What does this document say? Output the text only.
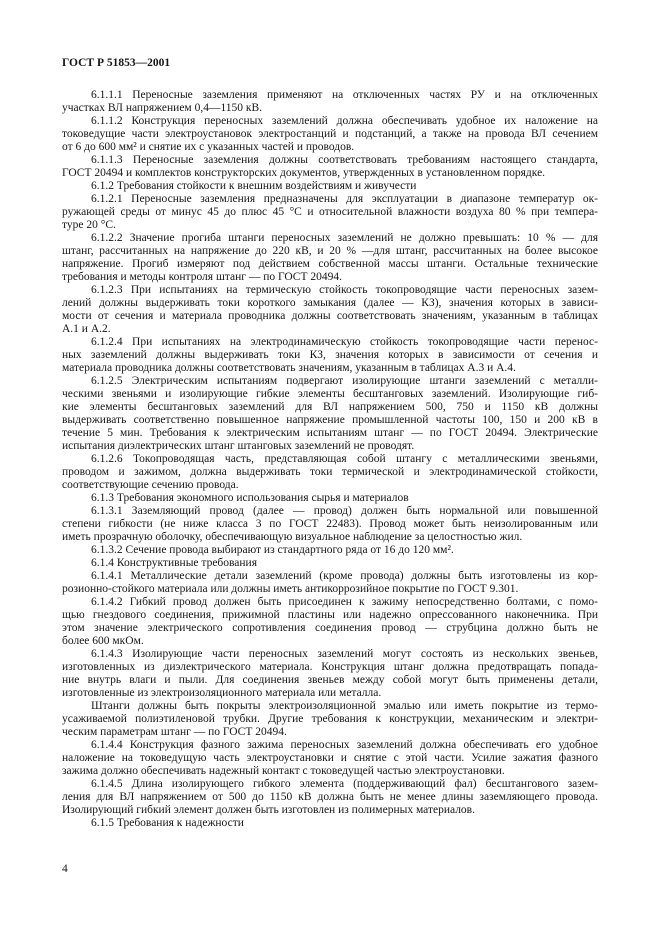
ГОСТ Р 51853—2001
6.1.1.1 Переносные заземления применяют на отключенных частях РУ и на отключенных
участках ВЛ напряжением 0,4—1150 кВ.
6.1.1.2 Конструкция переносных заземлений должна обеспечивать удобное их наложение на
токоведущие части электроустановок электростанций и подстанций, а также на провода ВЛ сечением
от 6 до 600 мм² и снятие их с указанных частей и проводов.
6.1.1.3 Переносные заземления должны соответствовать требованиям настоящего стандарта,
ГОСТ 20494 и комплектов конструкторских документов, утвержденных в установленном порядке.
6.1.2 Требования стойкости к внешним воздействиям и живучести
6.1.2.1 Переносные заземления предназначены для эксплуатации в диапазоне температур ок-
ружающей среды от минус 45 до плюс 45 °С и относительной влажности воздуха 80 % при темпера-
туре 20 °С.
6.1.2.2 Значение прогиба штанги переносных заземлений не должно превышать: 10 % — для
штанг, рассчитанных на напряжение до 220 кВ, и 20 % —для штанг, рассчитанных на более высокое
напряжение. Прогиб измеряют под действием собственной массы штанги. Остальные технические
требования и методы контроля штанг — по ГОСТ 20494.
6.1.2.3 При испытаниях на термическую стойкость токопроводящие части переносных зазем-
лений должны выдерживать токи короткого замыкания (далее — КЗ), значения которых в зависи-
мости от сечения и материала проводника должны соответствовать значениям, указанным в таблицах
А.1 и А.2.
6.1.2.4 При испытаниях на электродинамическую стойкость токопроводящие части перенос-
ных заземлений должны выдерживать токи КЗ, значения которых в зависимости от сечения и
материала проводника должны соответствовать значениям, указанным в таблицах А.3 и А.4.
6.1.2.5 Электрическим испытаниям подвергают изолирующие штанги заземлений с металли-
ческими звеньями и изолирующие гибкие элементы бесштанговых заземлений. Изолирующие гиб-
кие элементы бесштанговых заземлений для ВЛ напряжением 500, 750 и 1150 кВ должны
выдерживать соответственно повышенное напряжение промышленной частоты 100, 150 и 200 кВ в
течение 5 мин. Требования к электрическим испытаниям штанг — по ГОСТ 20494. Электрические
испытания диэлектрических штанг штанговых заземлений не проводят.
6.1.2.6 Токопроводящая часть, представляющая собой штангу с металлическими звеньями,
проводом и зажимом, должна выдерживать токи термической и электродинамической стойкости,
соответствующие сечению провода.
6.1.3 Требования экономного использования сырья и материалов
6.1.3.1 Заземляющий провод (далее — провод) должен быть нормальной или повышенной
степени гибкости (не ниже класса 3 по ГОСТ 22483). Провод может быть неизолированным или
иметь прозрачную оболочку, обеспечивающую визуальное наблюдение за целостностью жил.
6.1.3.2 Сечение провода выбирают из стандартного ряда от 16 до 120 мм².
6.1.4 Конструктивные требования
6.1.4.1 Металлические детали заземлений (кроме провода) должны быть изготовлены из кор-
розионно-стойкого материала или должны иметь антикоррозийное покрытие по ГОСТ 9.301.
6.1.4.2 Гибкий провод должен быть присоединен к зажиму непосредственно болтами, с помо-
щью гнездового соединения, прижимной пластины или надежно опрессованного наконечника. При
этом значение электрического сопротивления соединения провод — струбцина должно быть не
более 600 мкОм.
6.1.4.3 Изолирующие части переносных заземлений могут состоять из нескольких звеньев,
изготовленных из диэлектрического материала. Конструкция штанг должна предотвращать попада-
ние внутрь влаги и пыли. Для соединения звеньев между собой могут быть применены детали,
изготовленные из электроизоляционного материала или металла.
Штанги должны быть покрыты электроизоляционной эмалью или иметь покрытие из термо-
усаживаемой полиэтиленовой трубки. Другие требования к конструкции, механическим и электри-
ческим параметрам штанг — по ГОСТ 20494.
6.1.4.4 Конструкция фазного зажима переносных заземлений должна обеспечивать его удобное
наложение на токоведущую часть электроустановки и снятие с этой части. Усилие зажатия фазного
зажима должно обеспечивать надежный контакт с токоведущей частью электроустановки.
6.1.4.5 Длина изолирующего гибкого элемента (поддерживающий фал) бесштангового зазем-
ления для ВЛ напряжением от 500 до 1150 кВ должна быть не менее длины заземляющего провода.
Изолирующий гибкий элемент должен быть изготовлен из полимерных материалов.
6.1.5 Требования к надежности
4
